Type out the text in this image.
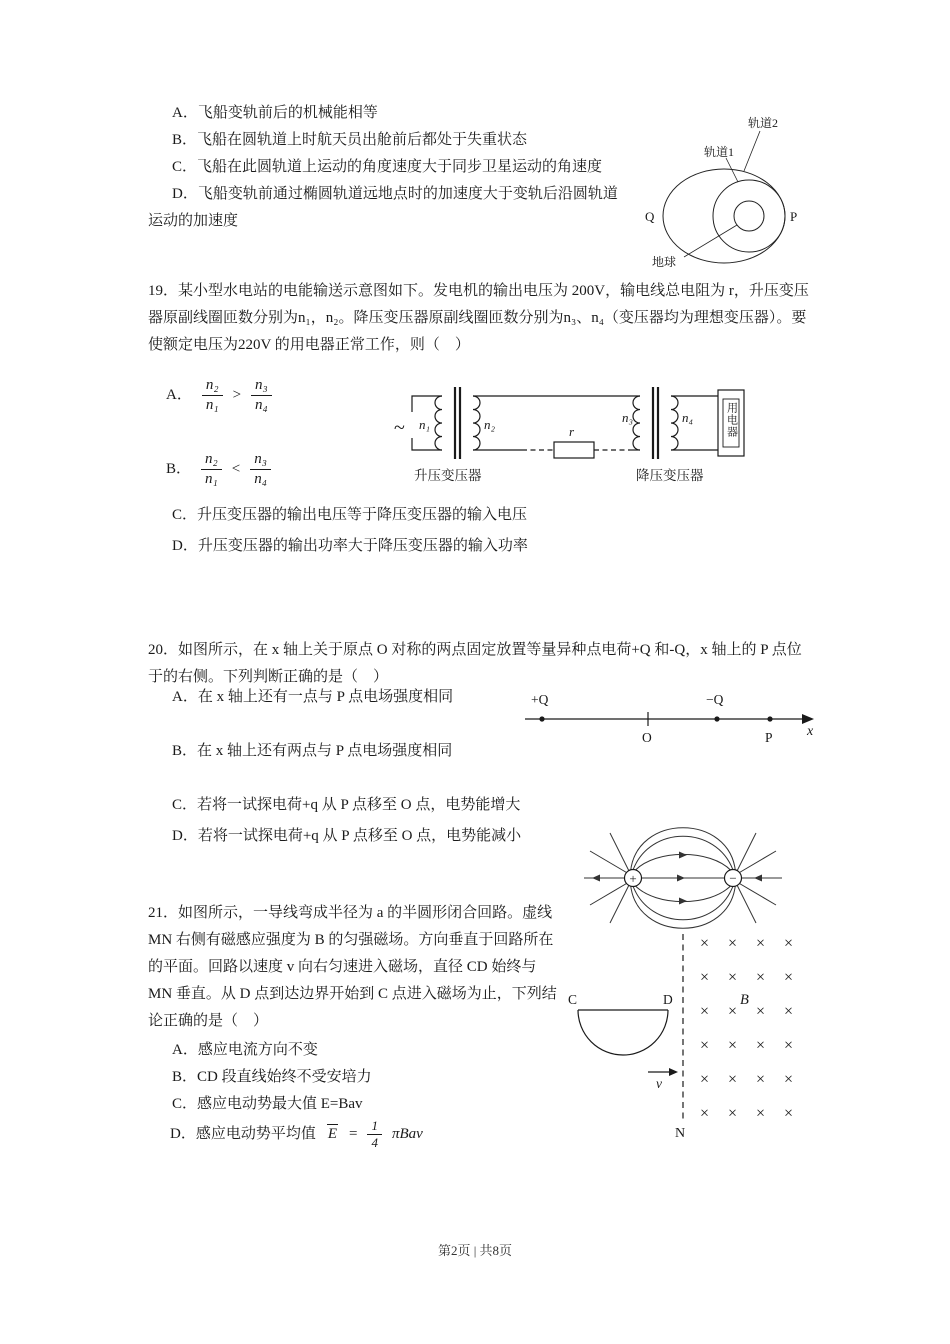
轨道2
轨道1
Q	P
地球
A．飞船变轨前后的机械能相等
B．飞船在圆轨道上时航天员出舱前后都处于失重状态
C．飞船在此圆轨道上运动的角度速度大于同步卫星运动的角速度
D．飞船变轨前通过椭圆轨道远地点时的加速度大于变轨后沿圆轨道运动的加速度
19．某小型水电站的电能输送示意图如下。发电机的输出电压为 200V，输电线总电阻为 r，升压变压器原副线圈匝数分别为n₁，n₂。降压变压器原副线圈匝数分别为n₃、n₄（变压器均为理想变压器）。要使额定电压为220V 的用电器正常工作，则（　）
A． $\frac{\text{n₂}}{\text{n₁}} > \frac{\text{n₃}}{\text{n₄}}$
B． $\frac{\text{n₂}}{\text{n₁}} < \frac{\text{n₃}}{\text{n₄}}$
~ n₁	n₂	r
n₃	n₄
升压变压器	降压变压器
用电器
C．升压变压器的输出电压等于降压变压器的输入电压
D．升压变压器的输出功率大于降压变压器的输入功率
20．如图所示，在 x 轴上关于原点 O 对称的两点固定放置等量异种点电荷+Q 和-Q，x 轴上的 P 点位于的右侧。下列判断正确的是（　）
+Q	−Q
O	P x
A．在 x 轴上还有一点与 P 点电场强度相同
B．在 x 轴上还有两点与 P 点电场强度相同
C．若将一试探电荷+q 从 P 点移至 O 点，电势能增大
D．若将一试探电荷+q 从 P 点移至 O 点，电势能减小
+	−
21．如图所示，一导线弯成半径为 a 的半圆形闭合回路。虚线 MN 右侧有磁感应强度为 B 的匀强磁场。方向垂直于回路所在的平面。回路以速度 v 向右匀速进入磁场，直径 CD 始终与 MN 垂直。从 D 点到达边界开始到 C 点进入磁场为止，下列结论正确的是（　）
C	D
v
N
B
× × × ×
× × × ×
× × × ×
× × × ×
× × × ×
× × × ×
A．感应电流方向不变
B．CD 段直线始终不受安培力
C．感应电动势最大值 E=Bav
D．感应电动势平均值 $E = \frac{1}{4}$ πBav
第2页 | 共8页
